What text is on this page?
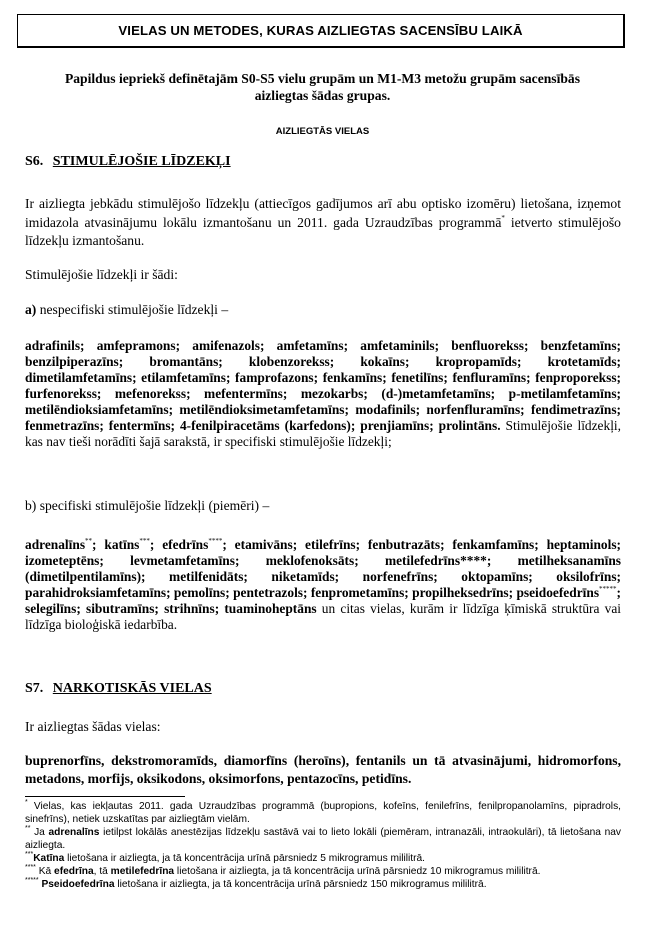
VIELAS UN METODES, KURAS AIZLIEGTAS SACENSĪBU LAIKĀ
Papildus iepriekš definētajām S0-S5 vielu grupām un M1-M3 metožu grupām sacensībās aizliegtas šādas grupas.
AIZLIEGTĀS VIELAS
S6. STIMULĒJOŠIE LĪDZEKĻI
Ir aizliegta jebkādu stimulējošo līdzekļu (attiecīgos gadījumos arī abu optisko izomēru) lietošana, izņemot imidazola atvasinājumu lokālu izmantošanu un 2011. gada Uzraudzības programmā* ietverto stimulējošo līdzekļu izmantošanu.
Stimulējošie līdzekļi ir šādi:
a) nespecifiski stimulējošie līdzekļi –
adrafinils; amfepramons; amifenazols; amfetamīns; amfetaminils; benfluorekss; benzfetamīns; benzilpiperazīns; bromantāns; klobenzorekss; kokaīns; kropropamīds; krotetamīds; dimetilamfetamīns; etilamfetamīns; famprofazons; fenkamīns; fenetilīns; fenfluramīns; fenproporekss; furfenorekss; mefenorekss; mefentermīns; mezokarbs; (d-)metamfetamīns; p-metilamfetamīns; metilēndioksiamfetamīns; metilēndioksimetamfetamīns; modafinils; norfenfluramīns; fendimetrazīns; fenmetrazīns; fentermīns; 4-fenilpiracetāms (karfedons); prenjiamīns; prolintāns. Stimulējošie līdzekļi, kas nav tieši norādīti šajā sarakstā, ir specifiski stimulējošie līdzekļi;
b) specifiski stimulējošie līdzekļi (piemēri) –
adrenalīns**; katīns***; efedrīns****; etamivāns; etilefrīns; fenbutrazāts; fenkamfamīns; heptaminols; izometeptēns; levmetamfetamīns; meklofenoksāts; metilefedrīns****; metilheksanamīns (dimetilpentilamīns); metilfenidāts; niketamīds; norfenefrīns; oktopamīns; oksilofrīns; parahidroksiamfetamīns; pemolīns; pentetrazols; fenprometamīns; propilheksedrīns; pseidoefedrīns*****; selegilīns; sibutramīns; strihnīns; tuaminoheptāns un citas vielas, kurām ir līdzīga ķīmiskā struktūra vai līdzīga bioloģiskā iedarbība.
S7. NARKOTISKĀS VIELAS
Ir aizliegtas šādas vielas:
buprenorfīns, dekstromoramīds, diamorfīns (heroīns), fentanils un tā atvasinājumi, hidromorfons, metadons, morfijs, oksikodons, oksimorfons, pentazocīns, petidīns.
* Vielas, kas iekļautas 2011. gada Uzraudzības programmā (bupropions, kofeīns, fenilefrīns, fenilpropanolamīns, pipradrols, sinefrīns), netiek uzskatītas par aizliegtām vielām.
** Ja adrenalīns ietilpst lokālās anestēzijas līdzekļu sastāvā vai to lieto lokāli (piemēram, intranazāli, intraokulāri), tā lietošana nav aizliegta.
***Katīna lietošana ir aizliegta, ja tā koncentrācija urīnā pārsniedz 5 mikrogramus mililitrā.
**** Kā efedrīna, tā metilefedrīna lietošana ir aizliegta, ja tā koncentrācija urīnā pārsniedz 10 mikrogramus mililitrā.
***** Pseidoefedrīna lietošana ir aizliegta, ja tā koncentrācija urīnā pārsniedz 150 mikrogramus mililitrā.
